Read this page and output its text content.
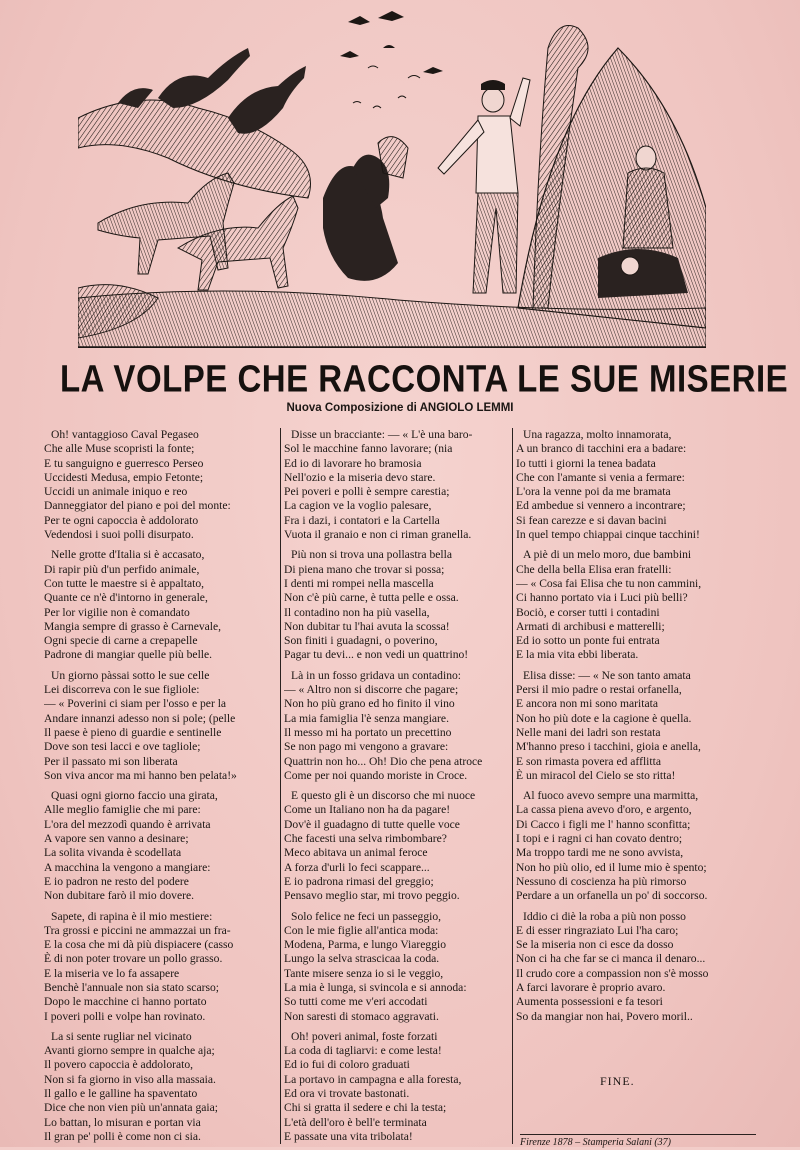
LA VOLPE CHE RACCONTA LE SUE MISERIE
Nuova Composizione di ANGIOLO LEMMI
Oh! vantaggioso Caval Pegaseo
Che alle Muse scopristi la fonte;
E tu sanguigno e guerresco Perseo
Uccidesti Medusa, empio Fetonte;
Uccidi un animale iniquo e reo
Danneggiator del piano e poi del monte:
Per te ogni capoccia è addolorato
Vedendosi i suoi polli disurpato.
Nelle grotte d'Italia si è accasato,
Di rapir più d'un perfido animale,
Con tutte le maestre si è appaltato,
Quante ce n'è d'intorno in generale,
Per lor vigilie non è comandato
Mangia sempre di grasso è Carnevale,
Ogni specie di carne a crepapelle
Padrone di mangiar quelle più belle.
Un giorno pàssai sotto le sue celle
Lei discorreva con le sue figliole:
— « Poverini ci siam per l'osso e per la
Andare innanzi adesso non si pole; (pelle
Il paese è pieno di guardie e sentinelle
Dove son tesi lacci e ove tagliole;
Per il passato mi son liberata
Son viva ancor ma mi hanno ben pelata!»
Quasi ogni giorno faccio una girata,
Alle meglio famiglie che mi pare:
L'ora del mezzodì quando è arrivata
A vapore sen vanno a desinare;
La solita vivanda è scodellata
A macchina la vengono a mangiare:
E io padron ne resto del podere
Non dubitare farò il mio dovere.
Sapete, di rapina è il mio mestiere:
Tra grossi e piccini ne ammazzai un fra-
E la cosa che mi dà più dispiacere (casso
È di non poter trovare un pollo grasso.
E la miseria ve lo fa assapere
Benchè l'annuale non sia stato scarso;
Dopo le macchine ci hanno portato
I poveri polli e volpe han rovinato.
La si sente rugliar nel vicinato
Avanti giorno sempre in qualche aja;
Il povero capoccia è addolorato,
Non si fa giorno in viso alla massaia.
Il gallo e le galline ha spaventato
Dice che non vien più un'annata gaia;
Lo battan, lo misuran e portan via
Il gran pe' polli è come non ci sia.
Disse un bracciante: — « L'è una baro-
Sol le macchine fanno lavorare; (nia
Ed io di lavorare ho bramosia
Nell'ozio e la miseria devo stare.
Pei poveri e polli è sempre carestia;
La cagion ve la voglio palesare,
Fra i dazi, i contatori e la Cartella
Vuota il granaio e non ci riman granella.
Più non si trova una pollastra bella
Di piena mano che trovar si possa;
I denti mi rompei nella mascella
Non c'è più carne, è tutta pelle e ossa.
Il contadino non ha più vasella,
Non dubitar tu l'hai avuta la scossa!
Son finiti i guadagni, o poverino,
Pagar tu devi... e non vedi un quattrino!
Là in un fosso gridava un contadino:
— « Altro non si discorre che pagare;
Non ho più grano ed ho finito il vino
La mia famiglia l'è senza mangiare.
Il messo mi ha portato un precettino
Se non pago mi vengono a gravare:
Quattrin non ho... Oh! Dio che pena atroce
Come per noi quando moriste in Croce.
E questo gli è un discorso che mi nuoce
Come un Italiano non ha da pagare!
Dov'è il guadagno di tutte quelle voce
Che facesti una selva rimbombare?
Meco abitava un animal feroce
A forza d'urli lo feci scappare...
E io padrona rimasi del greggio;
Pensavo meglio star, mi trovo peggio.
Solo felice ne feci un passeggio,
Con le mie figlie all'antica moda:
Modena, Parma, e lungo Viareggio
Lungo la selva strascicaa la coda.
Tante misere senza io si le veggio,
La mia è lunga, si svincola e si annoda:
So tutti come me v'eri accodati
Non saresti di stomaco aggravati.
Oh! poveri animal, foste forzati
La coda di tagliarvi: e come lesta!
Ed io fui di coloro graduati
La portavo in campagna e alla foresta,
Ed ora vi trovate bastonati.
Chi si gratta il sedere e chi la testa;
L'età dell'oro è bell'e terminata
E passate una vita tribolata!
Una ragazza, molto innamorata,
A un branco di tacchini era a badare:
Io tutti i giorni la tenea badata
Che con l'amante si venia a fermare:
L'ora la venne poi da me bramata
Ed ambedue si vennero a incontrare;
Si fean carezze e si davan bacini
In quel tempo chiappai cinque tacchini!
A piè di un melo moro, due bambini
Che della bella Elisa eran fratelli:
— « Cosa fai Elisa che tu non cammini,
Ci hanno portato via i Luci più belli?
Bociò, e corser tutti i contadini
Armati di archibusi e matterelli;
Ed io sotto un ponte fui entrata
E la mia vita ebbi liberata.
Elisa disse: — « Ne son tanto amata
Persi il mio padre o restai orfanella,
E ancora non mi sono maritata
Non ho più dote e la cagione è quella.
Nelle mani dei ladri son restata
M'hanno preso i tacchini, gioia e anella,
E son rimasta povera ed afflitta
È un miracol del Cielo se sto ritta!
Al fuoco avevo sempre una marmitta,
La cassa piena avevo d'oro, e argento,
Di Cacco i figli me l' hanno sconfitta;
I topi e i ragni ci han covato dentro;
Ma troppo tardi me ne sono avvista,
Non ho più olio, ed il lume mio è spento;
Nessuno di coscienza ha più rimorso
Perdare a un orfanella un po' di soccorso.
Iddio ci diè la roba a più non posso
E di esser ringraziato Lui l'ha caro;
Se la miseria non ci esce da dosso
Non ci ha che far se ci manca il denaro...
Il crudo core a compassion non s'è mosso
A farci lavorare è proprio avaro.
Aumenta possessioni e fa tesori
So da mangiar non hai, Povero moril..
FINE.
Firenze 1878 – Stamperia Salani (37)
